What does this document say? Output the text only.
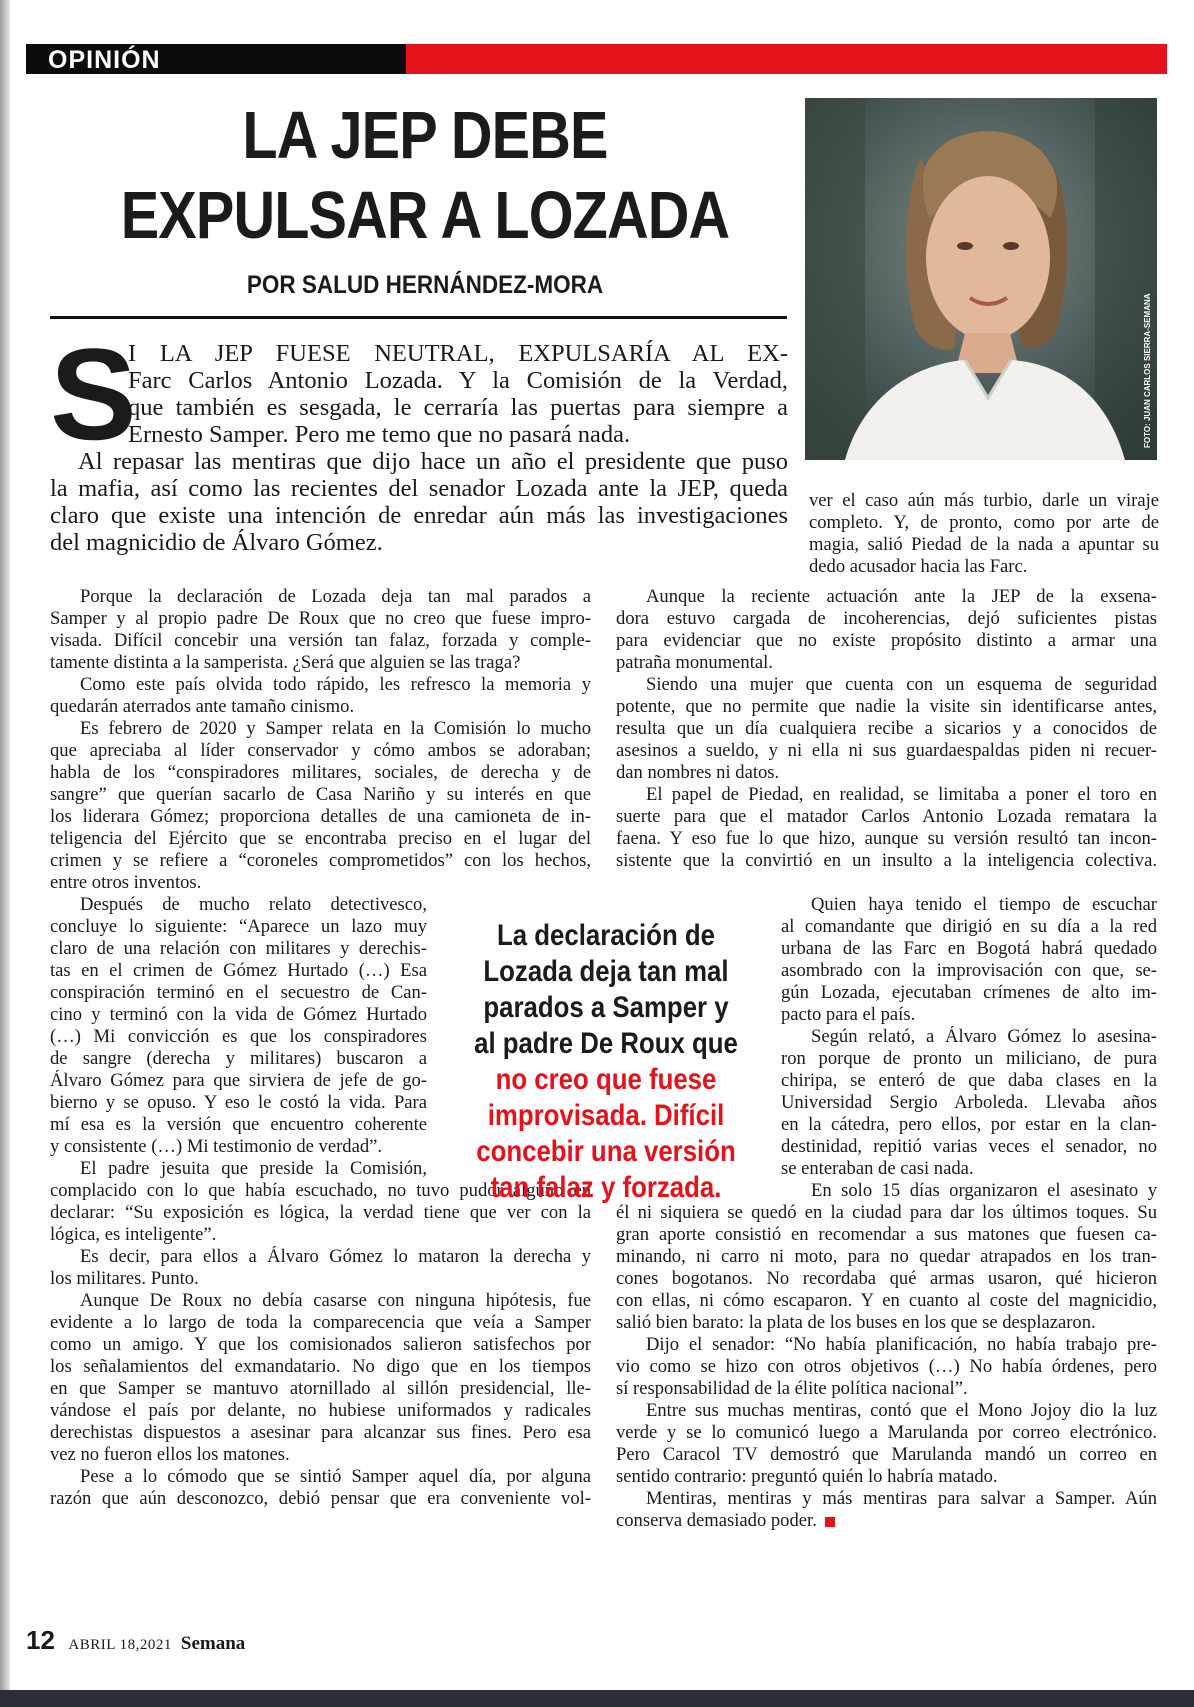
OPINIÓN
LA JEP DEBE
EXPULSAR A LOZADA
POR SALUD HERNÁNDEZ-MORA
FOTO: JUAN CARLOS SIERRA-SEMANA
S
I LA JEP FUESE NEUTRAL, EXPULSARÍA AL EX-
Farc Carlos Antonio Lozada. Y la Comisión de la Verdad,
que también es sesgada, le cerraría las puertas para siempre a
Ernesto Samper. Pero me temo que no pasará nada.
Al repasar las mentiras que dijo hace un año el presidente que puso
la mafia, así como las recientes del senador Lozada ante la JEP, queda
claro que existe una intención de enredar aún más las investigaciones
del magnicidio de Álvaro Gómez.
ver el caso aún más turbio, darle un viraje
completo. Y, de pronto, como por arte de
magia, salió Piedad de la nada a apuntar su
dedo acusador hacia las Farc.
Porque la declaración de Lozada deja tan mal parados a
Samper y al propio padre De Roux que no creo que fuese impro-
visada. Difícil concebir una versión tan falaz, forzada y comple-
tamente distinta a la samperista. ¿Será que alguien se las traga?
Como este país olvida todo rápido, les refresco la memoria y
quedarán aterrados ante tamaño cinismo.
Es febrero de 2020 y Samper relata en la Comisión lo mucho
que apreciaba al líder conservador y cómo ambos se adoraban;
habla de los “conspiradores militares, sociales, de derecha y de
sangre” que querían sacarlo de Casa Nariño y su interés en que
los liderara Gómez; proporciona detalles de una camioneta de in-
teligencia del Ejército que se encontraba preciso en el lugar del
crimen y se refiere a “coroneles comprometidos” con los hechos,
entre otros inventos.
Después de mucho relato detectivesco,
concluye lo siguiente: “Aparece un lazo muy
claro de una relación con militares y derechis-
tas en el crimen de Gómez Hurtado (…) Esa
conspiración terminó en el secuestro de Can-
cino y terminó con la vida de Gómez Hurtado
(…) Mi convicción es que los conspiradores
de sangre (derecha y militares) buscaron a
Álvaro Gómez para que sirviera de jefe de go-
bierno y se opuso. Y eso le costó la vida. Para
mí esa es la versión que encuentro coherente
y consistente (…) Mi testimonio de verdad”.
El padre jesuita que preside la Comisión,
complacido con lo que había escuchado, no tuvo pudor alguno en
declarar: “Su exposición es lógica, la verdad tiene que ver con la
lógica, es inteligente”.
Es decir, para ellos a Álvaro Gómez lo mataron la derecha y
los militares. Punto.
Aunque De Roux no debía casarse con ninguna hipótesis, fue
evidente a lo largo de toda la comparecencia que veía a Samper
como un amigo. Y que los comisionados salieron satisfechos por
los señalamientos del exmandatario. No digo que en los tiempos
en que Samper se mantuvo atornillado al sillón presidencial, lle-
vándose el país por delante, no hubiese uniformados y radicales
derechistas dispuestos a asesinar para alcanzar sus fines. Pero esa
vez no fueron ellos los matones.
Pese a lo cómodo que se sintió Samper aquel día, por alguna
razón que aún desconozco, debió pensar que era conveniente vol-
Aunque la reciente actuación ante la JEP de la exsena-
dora estuvo cargada de incoherencias, dejó suficientes pistas
para evidenciar que no existe propósito distinto a armar una
patraña monumental.
Siendo una mujer que cuenta con un esquema de seguridad
potente, que no permite que nadie la visite sin identificarse antes,
resulta que un día cualquiera recibe a sicarios y a conocidos de
asesinos a sueldo, y ni ella ni sus guardaespaldas piden ni recuer-
dan nombres ni datos.
El papel de Piedad, en realidad, se limitaba a poner el toro en
suerte para que el matador Carlos Antonio Lozada rematara la
faena. Y eso fue lo que hizo, aunque su versión resultó tan incon-
sistente que la convirtió en un insulto a la inteligencia colectiva.
Quien haya tenido el tiempo de escuchar
al comandante que dirigió en su día a la red
urbana de las Farc en Bogotá habrá quedado
asombrado con la improvisación con que, se-
gún Lozada, ejecutaban crímenes de alto im-
pacto para el país.
Según relató, a Álvaro Gómez lo asesina-
ron porque de pronto un miliciano, de pura
chiripa, se enteró de que daba clases en la
Universidad Sergio Arboleda. Llevaba años
en la cátedra, pero ellos, por estar en la clan-
destinidad, repitió varias veces el senador, no
se enteraban de casi nada.
En solo 15 días organizaron el asesinato y
él ni siquiera se quedó en la ciudad para dar los últimos toques. Su
gran aporte consistió en recomendar a sus matones que fuesen ca-
minando, ni carro ni moto, para no quedar atrapados en los tran-
cones bogotanos. No recordaba qué armas usaron, qué hicieron
con ellas, ni cómo escaparon. Y en cuanto al coste del magnicidio,
salió bien barato: la plata de los buses en los que se desplazaron.
Dijo el senador: “No había planificación, no había trabajo pre-
vio como se hizo con otros objetivos (…) No había órdenes, pero
sí responsabilidad de la élite política nacional”.
Entre sus muchas mentiras, contó que el Mono Jojoy dio la luz
verde y se lo comunicó luego a Marulanda por correo electrónico.
Pero Caracol TV demostró que Marulanda mandó un correo en
sentido contrario: preguntó quién lo habría matado.
Mentiras, mentiras y más mentiras para salvar a Samper. Aún
conserva demasiado poder.
La declaración de
Lozada deja tan mal
parados a Samper y
al padre De Roux que
no creo que fuese
improvisada. Difícil
concebir una versión
tan falaz y forzada.
12 ABRIL 18,2021 Semana
